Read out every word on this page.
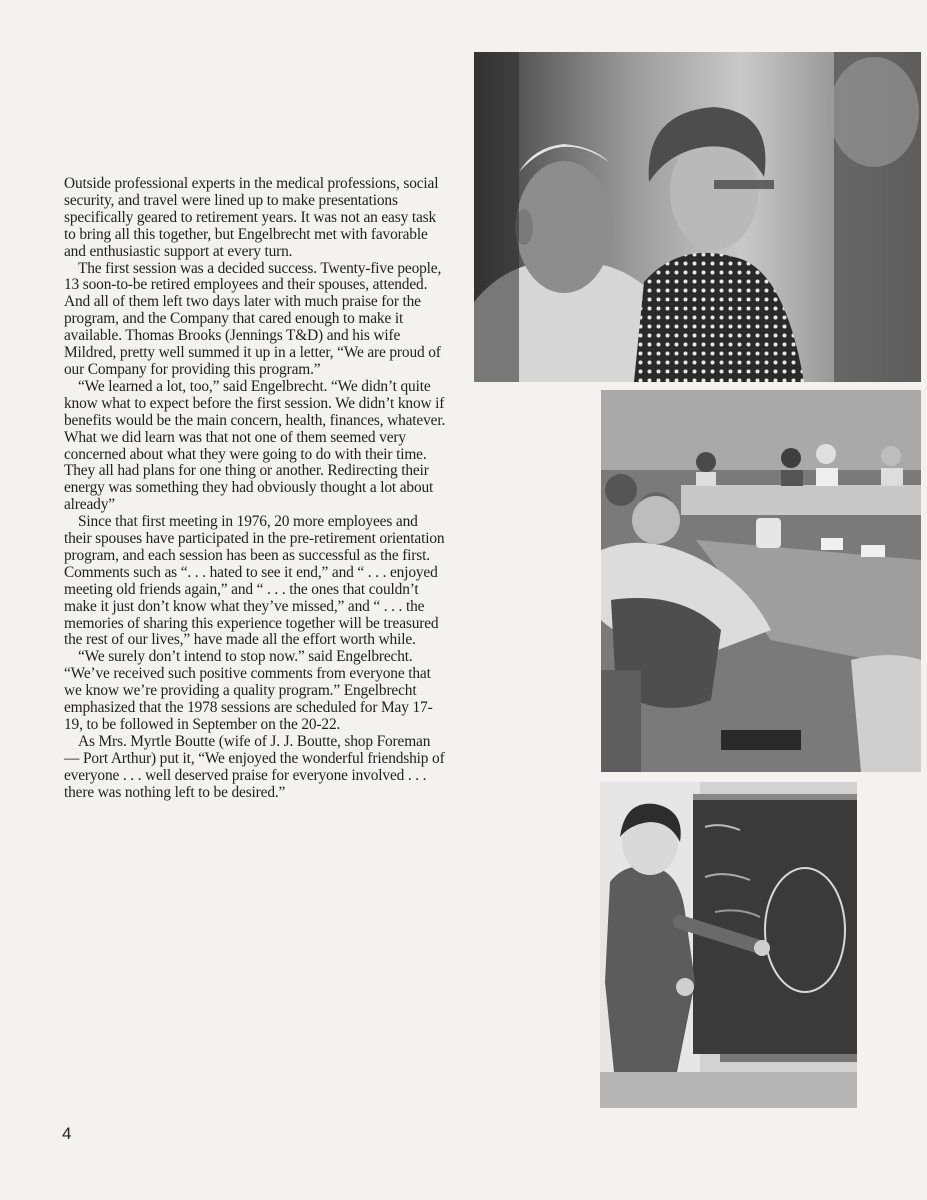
Outside professional experts in the medical professions, social security, and travel were lined up to make presentations specifically geared to retirement years. It was not an easy task to bring all this together, but Engelbrecht met with favorable and enthusiastic support at every turn.

The first session was a decided success. Twenty-five people, 13 soon-to-be retired employees and their spouses, attended. And all of them left two days later with much praise for the program, and the Company that cared enough to make it available. Thomas Brooks (Jennings T&D) and his wife Mildred, pretty well summed it up in a letter, “We are proud of our Company for providing this program.”

“We learned a lot, too,” said Engelbrecht. “We didn’t quite know what to expect before the first session. We didn’t know if benefits would be the main concern, health, finances, whatever. What we did learn was that not one of them seemed very concerned about what they were going to do with their time. They all had plans for one thing or another. Redirecting their energy was something they had obviously thought a lot about already”

Since that first meeting in 1976, 20 more employees and their spouses have participated in the pre-retirement orientation program, and each session has been as successful as the first. Comments such as “. . . hated to see it end,” and “ . . . enjoyed meeting old friends again,” and “ . . . the ones that couldn’t make it just don’t know what they’ve missed,” and “ . . . the memories of sharing this experience together will be treasured the rest of our lives,” have made all the effort worth while.

“We surely don’t intend to stop now.” said Engelbrecht. “We’ve received such positive comments from everyone that we know we’re providing a quality program.” Engelbrecht emphasized that the 1978 sessions are scheduled for May 17-19, to be followed in September on the 20-22.

As Mrs. Myrtle Boutte (wife of J. J. Boutte, shop Foreman — Port Arthur) put it, “We enjoyed the wonderful friendship of everyone . . . well deserved praise for everyone involved . . . there was nothing left to be desired.”

4
